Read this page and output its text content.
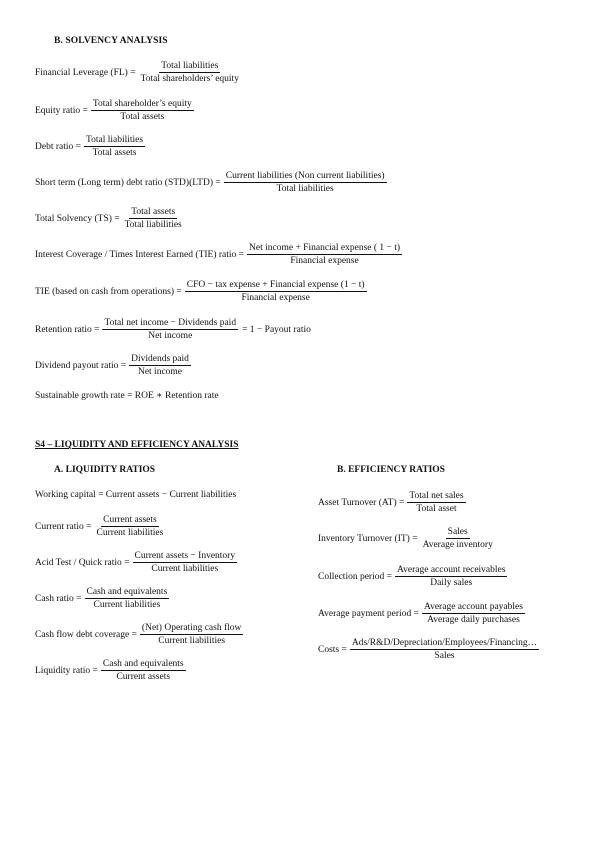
B. SOLVENCY ANALYSIS
Financial Leverage $(FL) = \frac{\text{Total liabilities}}{\text{Total shareholders’ equity}}$
Equity ratio = $\frac{\text{Total shareholder’s equity}}{\text{Total assets}}$
Debt ratio = $\frac{\text{Total liabilities}}{\text{Total assets}}$
Short term (Long term) debt ratio $(STD)(LTD) = \frac{\text{Current liabilities (Non current liabilities)}}{\text{Total liabilities}}$
Total Solvency $(TS) = \frac{\text{Total assets}}{\text{Total liabilities}}$
Interest Coverage / Times Interest Earned (TIE) ratio = $\frac{\text{Net income + Financial expense ( 1 − t)}}{\text{Financial expense}}$
TIE (based on cash from operations) = $\frac{\text{CFO − tax expense + Financial expense (1 − t)}}{\text{Financial expense}}$
Retention ratio = $\frac{\text{Total net income − Dividends paid}}{\text{Net income}} = 1$ − Payout ratio
Dividend payout ratio = $\frac{\text{Dividends paid}}{\text{Net income}}$
Sustainable growth rate = ROE ∗ Retention rate
S4 – LIQUIDITY AND EFFICIENCY ANALYSIS
A. LIQUIDITY RATIOS
Working capital = Current assets − Current liabilities
Current ratio = $\frac{\text{Current assets}}{\text{Current liabilities}}$
Acid Test / Quick ratio = $\frac{\text{Current assets − Inventory}}{\text{Current liabilities}}$
Cash ratio = $\frac{\text{Cash and equivalents}}{\text{Current liabilities}}$
Cash flow debt coverage = $\frac{\text{(Net) Operating cash flow}}{\text{Current liabilities}}$
Liquidity ratio = $\frac{\text{Cash and equivalents}}{\text{Current assets}}$
B. EFFICIENCY RATIOS
Asset Turnover $(AT) = \frac{\text{Total net sales}}{\text{Total asset}}$
Inventory Turnover $(IT) = \frac{\text{Sales}}{\text{Average inventory}}$
Collection period = $\frac{\text{Average account receivables}}{\text{Daily sales}}$
Average payment period = $\frac{\text{Average account payables}}{\text{Average daily purchases}}$
Costs = $\frac{\text{Ads/R\&D/Depreciation/Employees/Financing…}}{\text{Sales}}$
